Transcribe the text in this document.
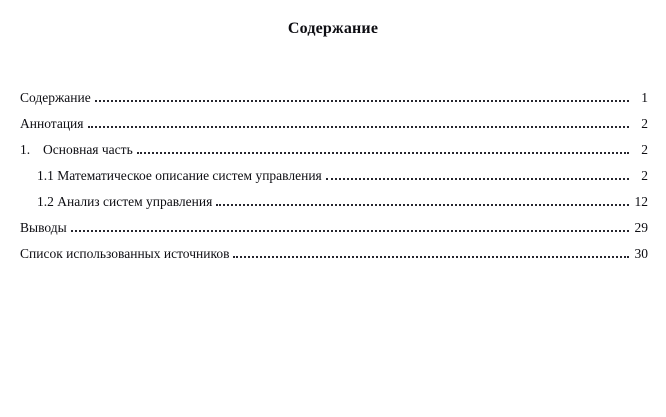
Содержание
Содержание	1
Аннотация	2
1. Основная часть	2
1.1 Математическое описание систем управления	2
1.2 Анализ систем управления	12
Выводы	29
Список использованных источников	30
